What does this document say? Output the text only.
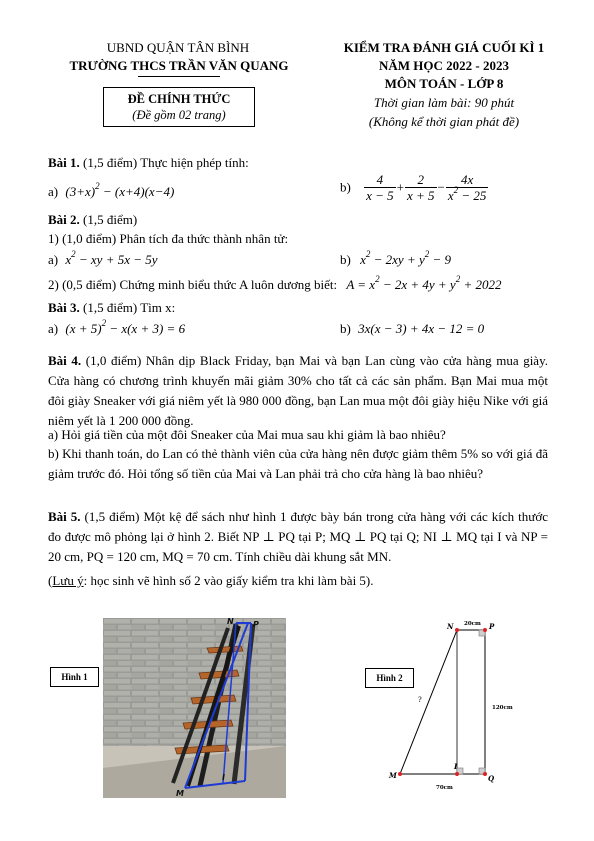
UBND QUẬN TÂN BÌNH
TRƯỜNG THCS TRẦN VĂN QUANG
ĐỀ CHÍNH THỨC
(Đề gồm 02 trang)
KIỂM TRA ĐÁNH GIÁ CUỐI KÌ 1
NĂM HỌC 2022 - 2023
MÔN TOÁN - LỚP 8
Thời gian làm bài: 90 phút
(Không kể thời gian phát đề)
Bài 1. (1,5 điểm) Thực hiện phép tính:
a) $(3+x)^2 - (x+4)(x-4)$	$b) \frac{4}{x - 5} + \frac{2}{x + 5} - \frac{4x}{x^2 - 25}$
Bài 2. (1,5 điểm)
1) (1,0 điểm) Phân tích đa thức thành nhân tử:
a) $x^2$ − xy + 5x − 5y	b) $x^2 - 2xy + y^2 - 9$
2) (0,5 điểm) Chứng minh biểu thức A luôn dương biết: $A = x^2 - 2x + 4y + y^2 + 2022$
Bài 3. (1,5 điểm) Tìm x:
a) $(x + 5)^2 - x(x + 3) = 6$	b) 3x(x − 3) + 4x − 12 = 0
Bài 4. (1,0 điểm) Nhân dịp Black Friday, bạn Mai và bạn Lan cùng vào cửa hàng mua giày. Cửa hàng có chương trình khuyến mãi giảm 30% cho tất cả các sản phẩm. Bạn Mai mua một đôi giày Sneaker với giá niêm yết là 980 000 đồng, bạn Lan mua một đôi giày hiệu Nike với giá niêm yết là 1 200 000 đồng.
a) Hỏi giá tiền của một đôi Sneaker của Mai mua sau khi giảm là bao nhiêu?
b) Khi thanh toán, do Lan có thẻ thành viên của cửa hàng nên được giảm thêm 5% so với giá đã giảm trước đó. Hỏi tổng số tiền của Mai và Lan phải trả cho cửa hàng là bao nhiêu?
Bài 5. (1,5 điểm) Một kệ để sách như hình 1 được bày bán trong cửa hàng với các kích thước đo được mô phỏng lại ở hình 2. Biết NP ⊥ PQ tại P; MQ ⊥ PQ tại Q; NI ⊥ MQ tại I và NP = 20 cm, PQ = 120 cm, MQ = 70 cm. Tính chiều dài khung sắt MN.
(Lưu ý: học sinh vẽ hình số 2 vào giấy kiểm tra khi làm bài 5).
Hình 1
N P
M
I
Hình 2
N	P
M
I
Q
20cm
120cm
70cm
?
